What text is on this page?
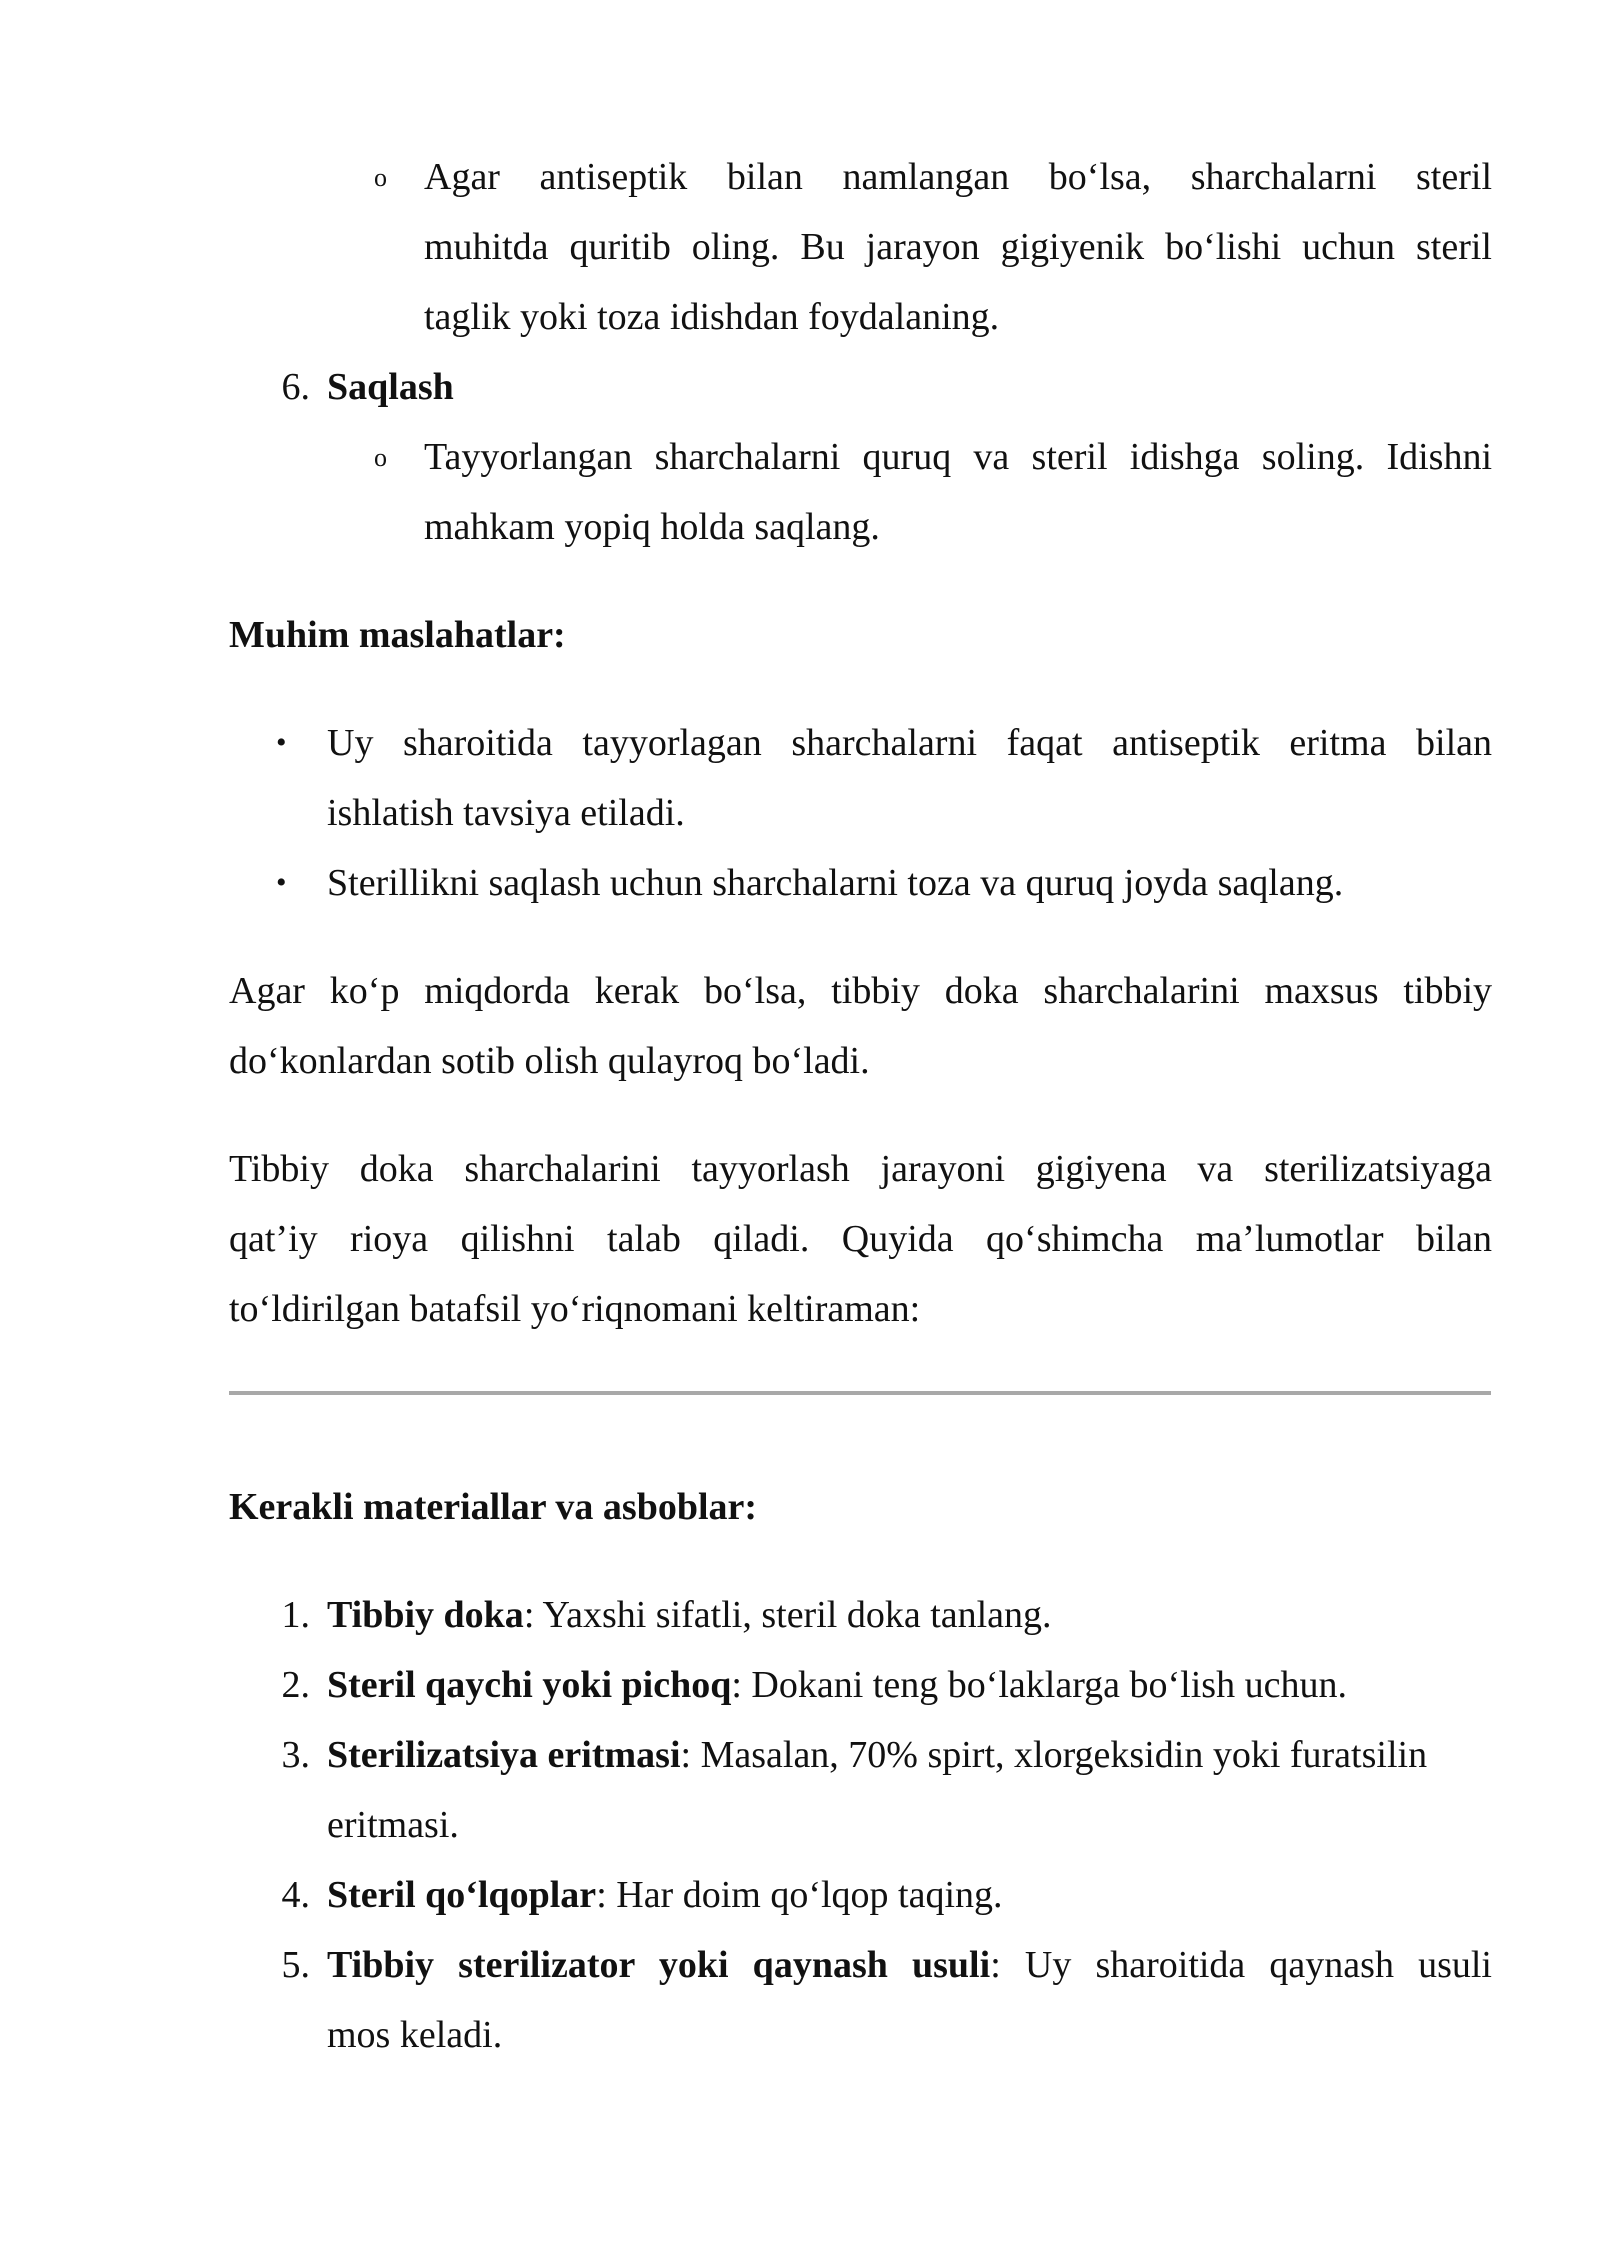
o Agar antiseptik bilan namlangan bo‘lsa, sharchalarni steril
muhitda quritib oling. Bu jarayon gigiyenik bo‘lishi uchun steril
taglik yoki toza idishdan foydalaning.
6. Saqlash
o Tayyorlangan sharchalarni quruq va steril idishga soling. Idishni
mahkam yopiq holda saqlang.
Muhim maslahatlar:
• Uy sharoitida tayyorlagan sharchalarni faqat antiseptik eritma bilan
ishlatish tavsiya etiladi.
• Sterillikni saqlash uchun sharchalarni toza va quruq joyda saqlang.
Agar ko‘p miqdorda kerak bo‘lsa, tibbiy doka sharchalarini maxsus tibbiy
do‘konlardan sotib olish qulayroq bo‘ladi.
Tibbiy doka sharchalarini tayyorlash jarayoni gigiyena va sterilizatsiyaga
qat’iy rioya qilishni talab qiladi. Quyida qo‘shimcha ma’lumotlar bilan
to‘ldirilgan batafsil yo‘riqnomani keltiraman:
Kerakli materiallar va asboblar:
1. Tibbiy doka: Yaxshi sifatli, steril doka tanlang.
2. Steril qaychi yoki pichoq: Dokani teng bo‘laklarga bo‘lish uchun.
3. Sterilizatsiya eritmasi: Masalan, 70% spirt, xlorgeksidin yoki furatsilin
eritmasi.
4. Steril qo‘lqoplar: Har doim qo‘lqop taqing.
5. Tibbiy sterilizator yoki qaynash usuli: Uy sharoitida qaynash usuli
mos keladi.
